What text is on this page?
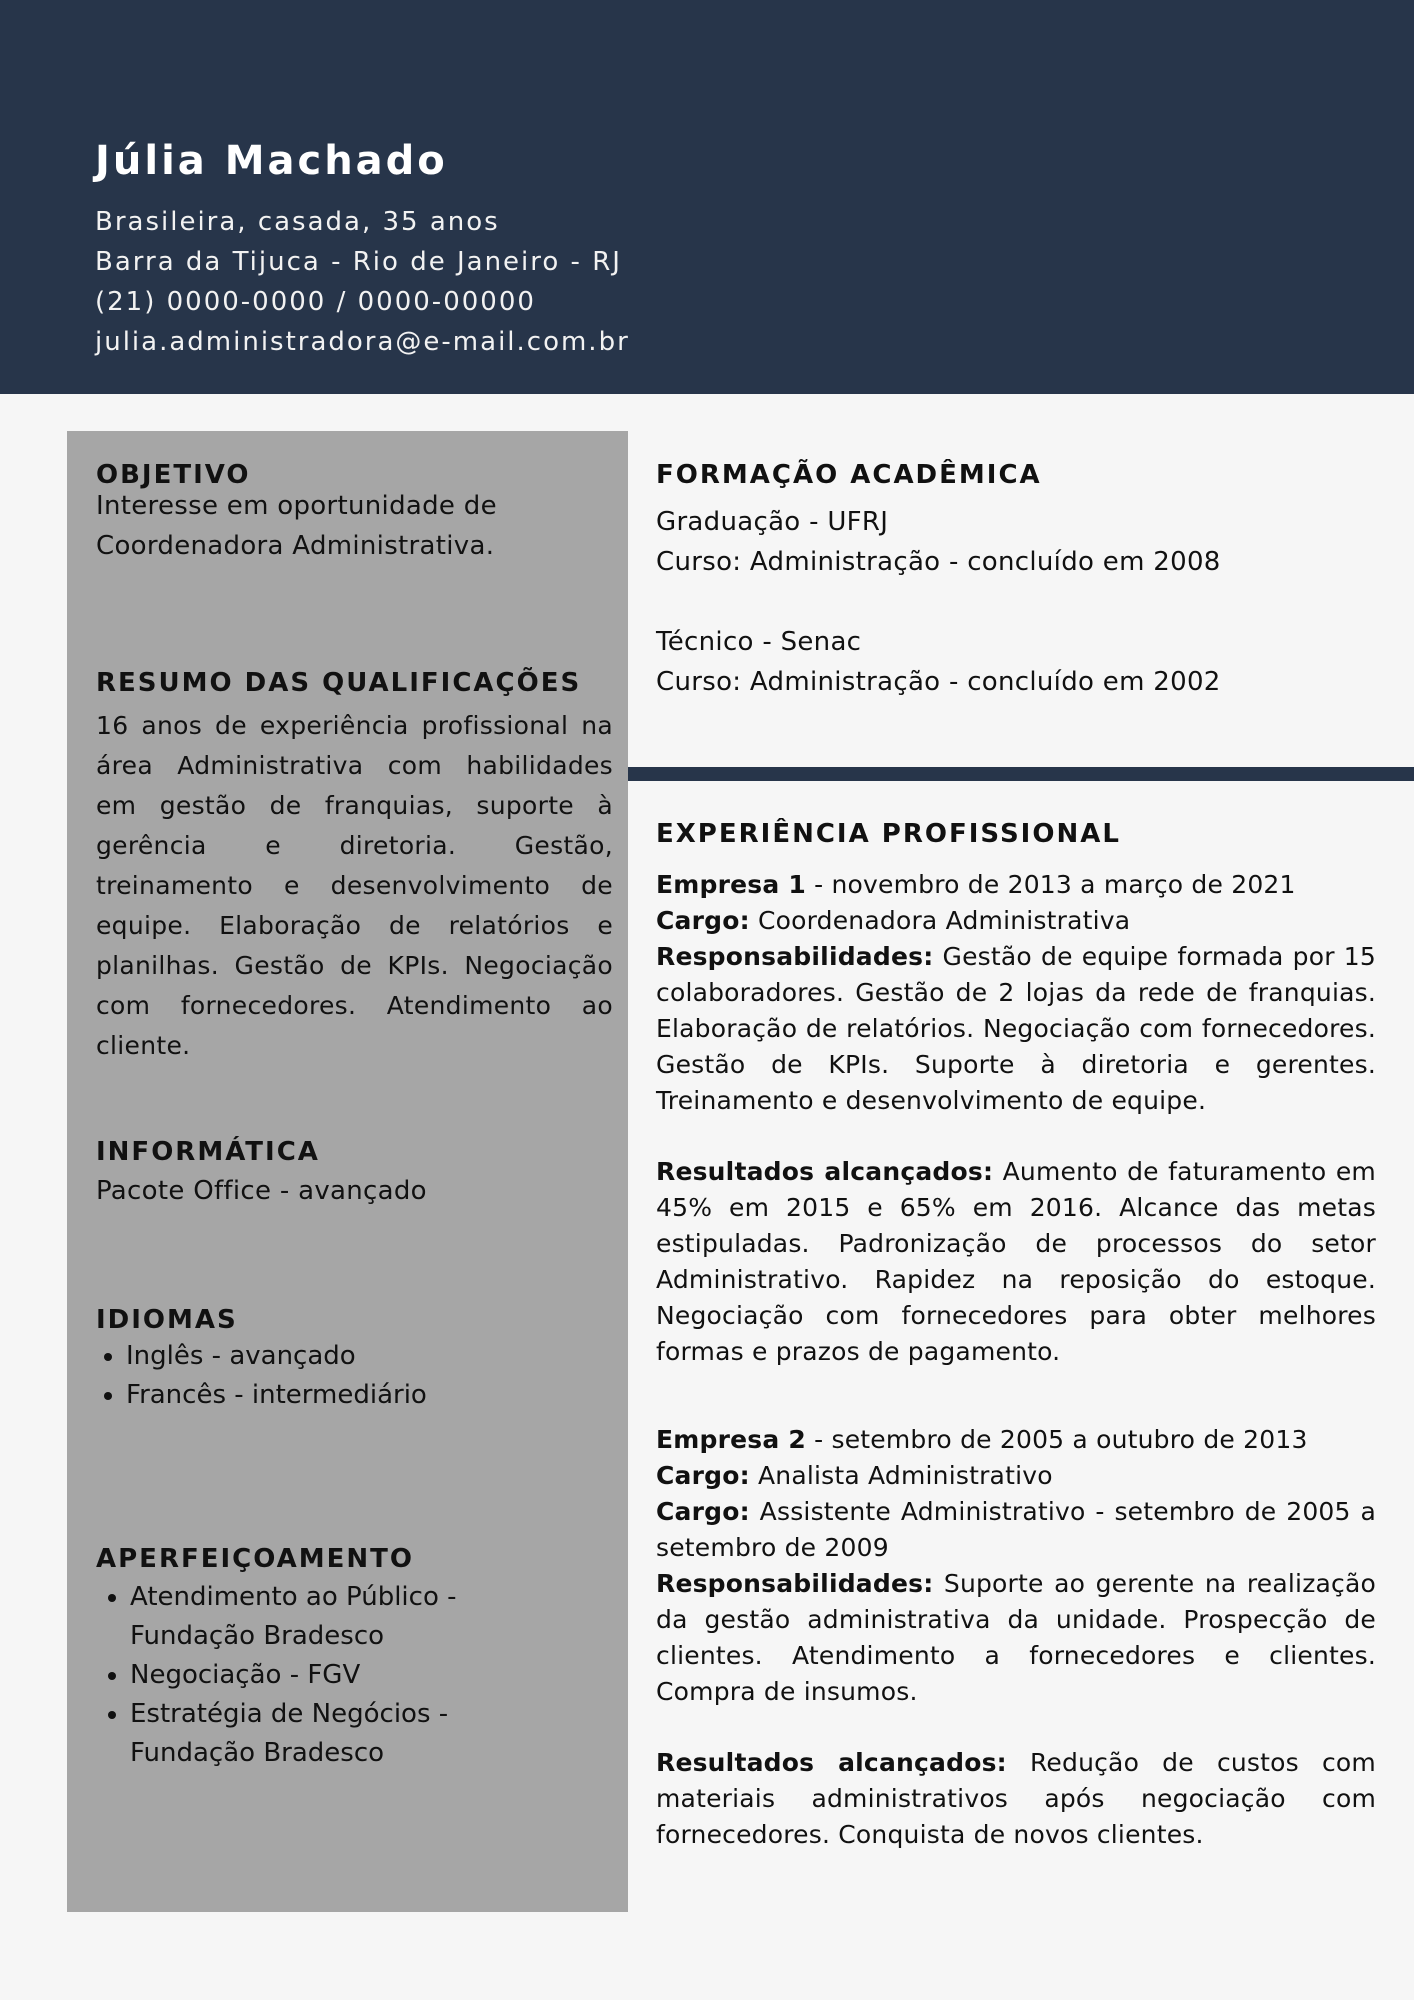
Júlia Machado
Brasileira, casada, 35 anos
Barra da Tijuca - Rio de Janeiro - RJ
(21) 0000-0000 / 0000-00000
julia.administradora@e-mail.com.br
OBJETIVO
Interesse em oportunidade de Coordenadora Administrativa.
RESUMO DAS QUALIFICAÇÕES
16 anos de experiência profissional na área Administrativa com habilidades em gestão de franquias, suporte à gerência e diretoria. Gestão, treinamento e desenvolvimento de equipe. Elaboração de relatórios e planilhas. Gestão de KPIs. Negociação com fornecedores. Atendimento ao cliente.
INFORMÁTICA
Pacote Office - avançado
IDIOMAS
• Inglês - avançado
• Francês - intermediário
APERFEIÇOAMENTO
• Atendimento ao Público - Fundação Bradesco
• Negociação - FGV
• Estratégia de Negócios - Fundação Bradesco
FORMAÇÃO ACADÊMICA
Graduação - UFRJ
Curso: Administração - concluído em 2008
Técnico - Senac
Curso: Administração - concluído em 2002
EXPERIÊNCIA PROFISSIONAL
Empresa 1 - novembro de 2013 a março de 2021
Cargo: Coordenadora Administrativa
Responsabilidades: Gestão de equipe formada por 15 colaboradores. Gestão de 2 lojas da rede de franquias. Elaboração de relatórios. Negociação com fornecedores. Gestão de KPIs. Suporte à diretoria e gerentes. Treinamento e desenvolvimento de equipe.
Resultados alcançados: Aumento de faturamento em 45% em 2015 e 65% em 2016. Alcance das metas estipuladas. Padronização de processos do setor Administrativo. Rapidez na reposição do estoque. Negociação com fornecedores para obter melhores formas e prazos de pagamento.
Empresa 2 - setembro de 2005 a outubro de 2013
Cargo: Analista Administrativo
Cargo: Assistente Administrativo - setembro de 2005 a setembro de 2009
Responsabilidades: Suporte ao gerente na realização da gestão administrativa da unidade. Prospecção de clientes. Atendimento a fornecedores e clientes. Compra de insumos.
Resultados alcançados: Redução de custos com materiais administrativos após negociação com fornecedores. Conquista de novos clientes.
